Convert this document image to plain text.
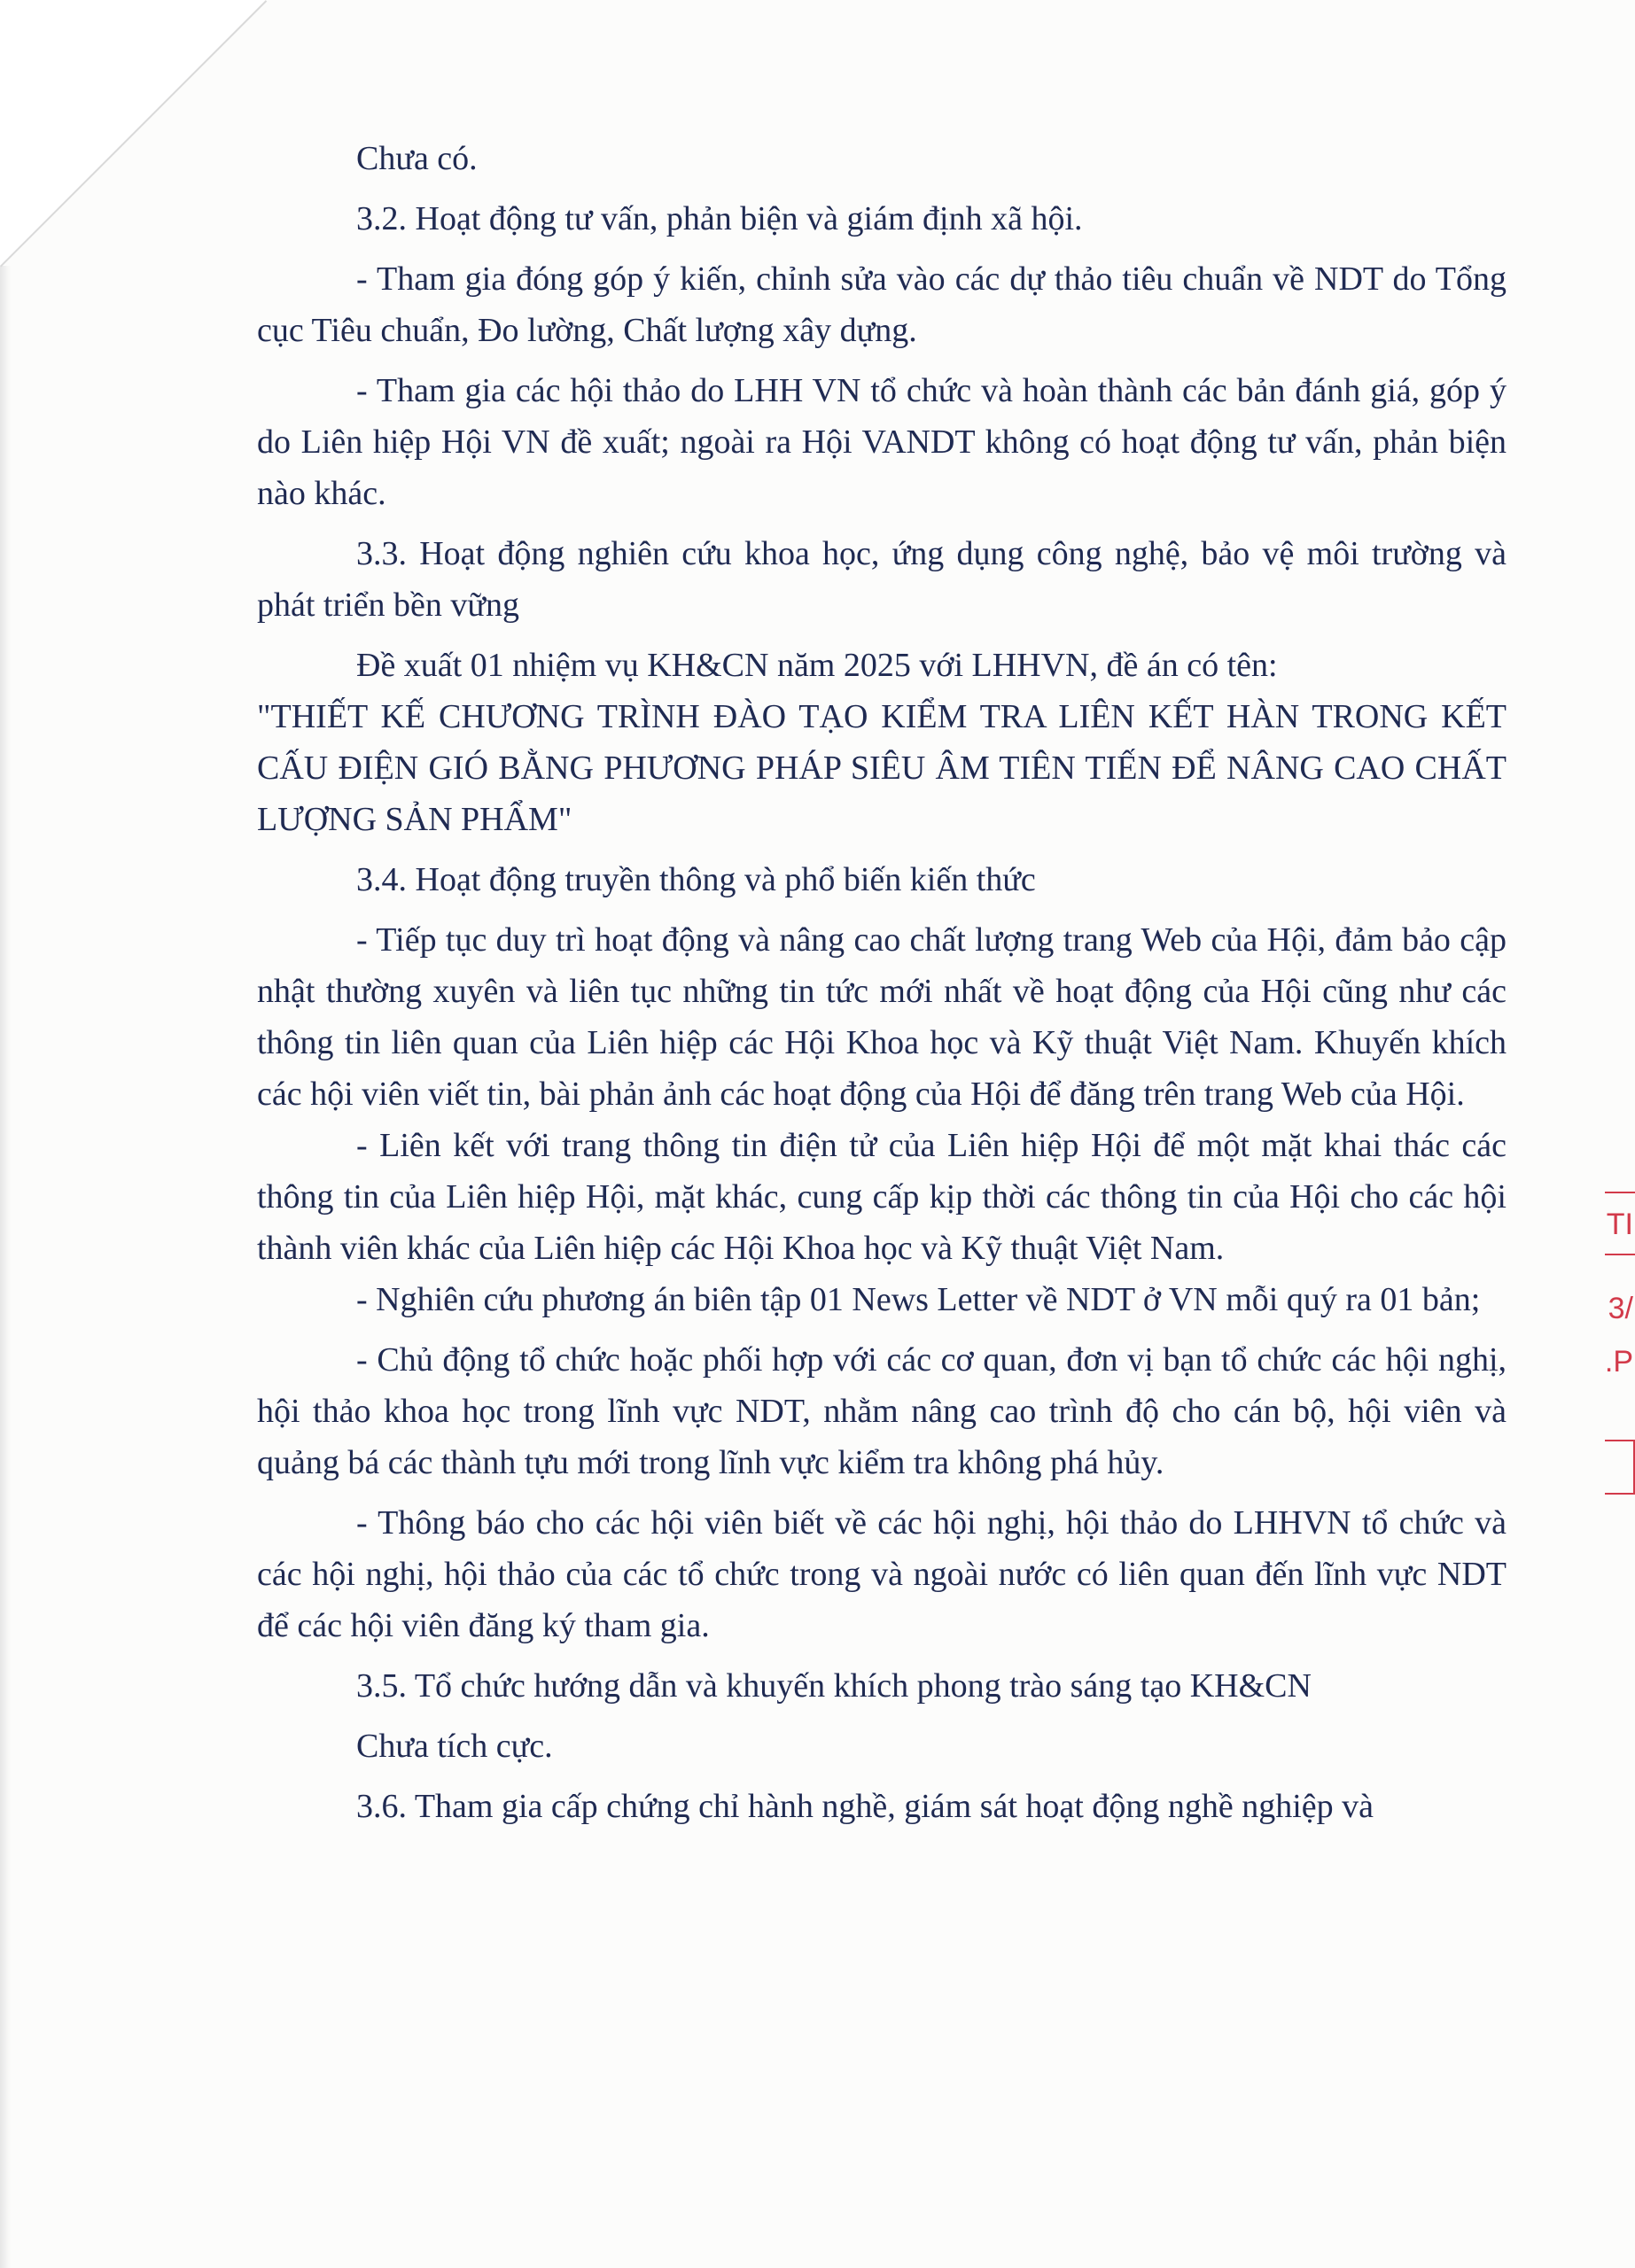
Chưa có.

3.2. Hoạt động tư vấn, phản biện và giám định xã hội.

- Tham gia đóng góp ý kiến, chỉnh sửa vào các dự thảo tiêu chuẩn về NDT do Tổng cục Tiêu chuẩn, Đo lường, Chất lượng xây dựng.

- Tham gia các hội thảo do LHH VN tổ chức và hoàn thành các bản đánh giá, góp ý do Liên hiệp Hội VN đề xuất; ngoài ra Hội VANDT không có hoạt động tư vấn, phản biện nào khác.

3.3. Hoạt động nghiên cứu khoa học, ứng dụng công nghệ, bảo vệ môi trường và phát triển bền vững

Đề xuất 01 nhiệm vụ KH&CN năm 2025 với LHHVN, đề án có tên:

"THIẾT KẾ CHƯƠNG TRÌNH ĐÀO TẠO KIỂM TRA LIÊN KẾT HÀN TRONG KẾT CẤU ĐIỆN GIÓ BẰNG PHƯƠNG PHÁP SIÊU ÂM TIÊN TIẾN ĐỂ NÂNG CAO CHẤT LƯỢNG SẢN PHẨM"

3.4. Hoạt động truyền thông và phổ biến kiến thức

- Tiếp tục duy trì hoạt động và nâng cao chất lượng trang Web của Hội, đảm bảo cập nhật thường xuyên và liên tục những tin tức mới nhất về hoạt động của Hội cũng như các thông tin liên quan của Liên hiệp các Hội Khoa học và Kỹ thuật Việt Nam. Khuyến khích các hội viên viết tin, bài phản ảnh các hoạt động của Hội để đăng trên trang Web của Hội.

- Liên kết với trang thông tin điện tử của Liên hiệp Hội để một mặt khai thác các thông tin của Liên hiệp Hội, mặt khác, cung cấp kịp thời các thông tin của Hội cho các hội thành viên khác của Liên hiệp các Hội Khoa học và Kỹ thuật Việt Nam.

- Nghiên cứu phương án biên tập 01 News Letter về NDT ở VN mỗi quý ra 01 bản;

- Chủ động tổ chức hoặc phối hợp với các cơ quan, đơn vị bạn tổ chức các hội nghị, hội thảo khoa học trong lĩnh vực NDT, nhằm nâng cao trình độ cho cán bộ, hội viên và quảng bá các thành tựu mới trong lĩnh vực kiểm tra không phá hủy.

- Thông báo cho các hội viên biết về các hội nghị, hội thảo do LHHVN tổ chức và các hội nghị, hội thảo của các tổ chức trong và ngoài nước có liên quan đến lĩnh vực NDT để các hội viên đăng ký tham gia.

3.5. Tổ chức hướng dẫn và khuyến khích phong trào sáng tạo KH&CN

Chưa tích cực.

3.6. Tham gia cấp chứng chỉ hành nghề, giám sát hoạt động nghề nghiệp và

TI
3/
.P
